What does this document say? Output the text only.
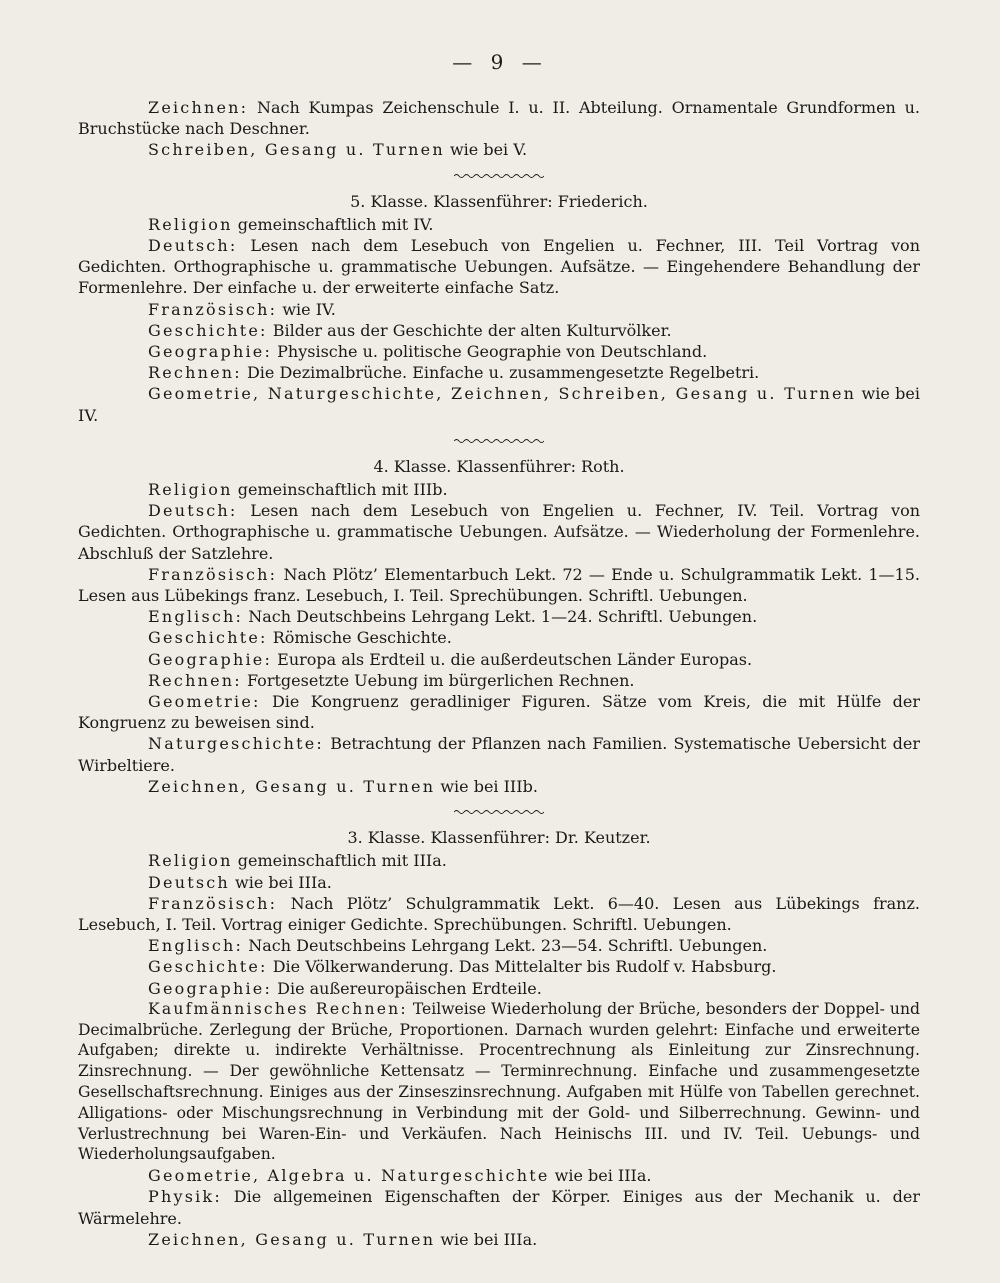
— 9 —

Zeichnen: Nach Kumpas Zeichenschule I. u. II. Abteilung. Ornamentale Grundformen u. Bruchstücke nach Deschner.

Schreiben, Gesang u. Turnen wie bei V.

5. Klasse. Klassenführer: Friederich.

Religion gemeinschaftlich mit IV.

Deutsch: Lesen nach dem Lesebuch von Engelien u. Fechner, III. Teil Vortrag von Gedichten. Orthographische u. grammatische Uebungen. Aufsätze. — Eingehendere Behandlung der Formenlehre. Der einfache u. der erweiterte einfache Satz.

Französisch: wie IV.

Geschichte: Bilder aus der Geschichte der alten Kulturvölker.

Geographie: Physische u. politische Geographie von Deutschland.

Rechnen: Die Dezimalbrüche. Einfache u. zusammengesetzte Regelbetri.

Geometrie, Naturgeschichte, Zeichnen, Schreiben, Gesang u. Turnen wie bei IV.

4. Klasse. Klassenführer: Roth.

Religion gemeinschaftlich mit IIIb.

Deutsch: Lesen nach dem Lesebuch von Engelien u. Fechner, IV. Teil. Vortrag von Gedichten. Orthographische u. grammatische Uebungen. Aufsätze. — Wiederholung der Formenlehre. Abschluß der Satzlehre.

Französisch: Nach Plötz’ Elementarbuch Lekt. 72 — Ende u. Schulgrammatik Lekt. 1—15. Lesen aus Lübekings franz. Lesebuch, I. Teil. Sprechübungen. Schriftl. Uebungen.

Englisch: Nach Deutschbeins Lehrgang Lekt. 1—24. Schriftl. Uebungen.

Geschichte: Römische Geschichte.

Geographie: Europa als Erdteil u. die außerdeutschen Länder Europas.

Rechnen: Fortgesetzte Uebung im bürgerlichen Rechnen.

Geometrie: Die Kongruenz geradliniger Figuren. Sätze vom Kreis, die mit Hülfe der Kongruenz zu beweisen sind.

Naturgeschichte: Betrachtung der Pflanzen nach Familien. Systematische Uebersicht der Wirbeltiere.

Zeichnen, Gesang u. Turnen wie bei IIIb.

3. Klasse. Klassenführer: Dr. Keutzer.

Religion gemeinschaftlich mit IIIa.

Deutsch wie bei IIIa.

Französisch: Nach Plötz’ Schulgrammatik Lekt. 6—40. Lesen aus Lübekings franz. Lesebuch, I. Teil. Vortrag einiger Gedichte. Sprechübungen. Schriftl. Uebungen.

Englisch: Nach Deutschbeins Lehrgang Lekt. 23—54. Schriftl. Uebungen.

Geschichte: Die Völkerwanderung. Das Mittelalter bis Rudolf v. Habsburg.

Geographie: Die außereuropäischen Erdteile.

Kaufmännisches Rechnen: Teilweise Wiederholung der Brüche, besonders der Doppel- und Decimalbrüche. Zerlegung der Brüche, Proportionen. Darnach wurden gelehrt: Einfache und erweiterte Aufgaben; direkte u. indirekte Verhältnisse. Procentrechnung als Einleitung zur Zinsrechnung. Zinsrechnung. — Der gewöhnliche Kettensatz — Terminrechnung. Einfache und zusammengesetzte Gesellschaftsrechnung. Einiges aus der Zinseszinsrechnung. Aufgaben mit Hülfe von Tabellen gerechnet. Alligations- oder Mischungsrechnung in Verbindung mit der Gold- und Silberrechnung. Gewinn- und Verlustrechnung bei Waren-Ein- und Verkäufen. Nach Heinischs III. und IV. Teil. Uebungs- und Wiederholungsaufgaben.

Geometrie, Algebra u. Naturgeschichte wie bei IIIa.

Physik: Die allgemeinen Eigenschaften der Körper. Einiges aus der Mechanik u. der Wärmelehre.

Zeichnen, Gesang u. Turnen wie bei IIIa.
